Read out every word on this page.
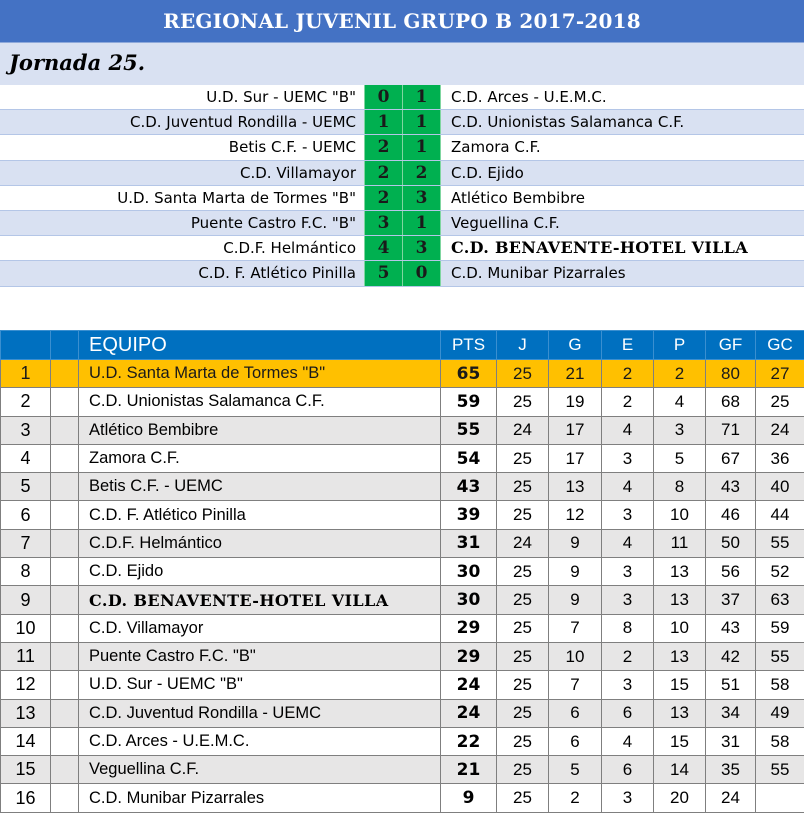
REGIONAL JUVENIL GRUPO B 2017-2018
Jornada 25.
U.D. Sur - UEMC "B"	0	1	C.D. Arces - U.E.M.C.
C.D. Juventud Rondilla - UEMC	1	1	C.D. Unionistas Salamanca C.F.
Betis C.F. - UEMC	2	1	Zamora C.F.
C.D. Villamayor	2	2	C.D. Ejido
U.D. Santa Marta de Tormes "B"	2	3	Atlético Bembibre
Puente Castro F.C. "B"	3	1	Veguellina C.F.
C.D.F. Helmántico	4	3	C.D. BENAVENTE-HOTEL VILLA
C.D. F. Atlético Pinilla	5	0	C.D. Munibar Pizarrales
		EQUIPO	PTS	J	G	E	P	GF	GC
1		U.D. Santa Marta de Tormes "B"	65	25	21	2	2	80	27
2		C.D. Unionistas Salamanca C.F.	59	25	19	2	4	68	25
3		Atlético Bembibre	55	24	17	4	3	71	24
4		Zamora C.F.	54	25	17	3	5	67	36
5		Betis C.F. - UEMC	43	25	13	4	8	43	40
6		C.D. F. Atlético Pinilla	39	25	12	3	10	46	44
7		C.D.F. Helmántico	31	24	9	4	11	50	55
8		C.D. Ejido	30	25	9	3	13	56	52
9		C.D. BENAVENTE-HOTEL VILLA	30	25	9	3	13	37	63
10		C.D. Villamayor	29	25	7	8	10	43	59
11		Puente Castro F.C. "B"	29	25	10	2	13	42	55
12		U.D. Sur - UEMC "B"	24	25	7	3	15	51	58
13		C.D. Juventud Rondilla - UEMC	24	25	6	6	13	34	49
14		C.D. Arces - U.E.M.C.	22	25	6	4	15	31	58
15		Veguellina C.F.	21	25	5	6	14	35	55
16		C.D. Munibar Pizarrales	9	25	2	3	20	24	
